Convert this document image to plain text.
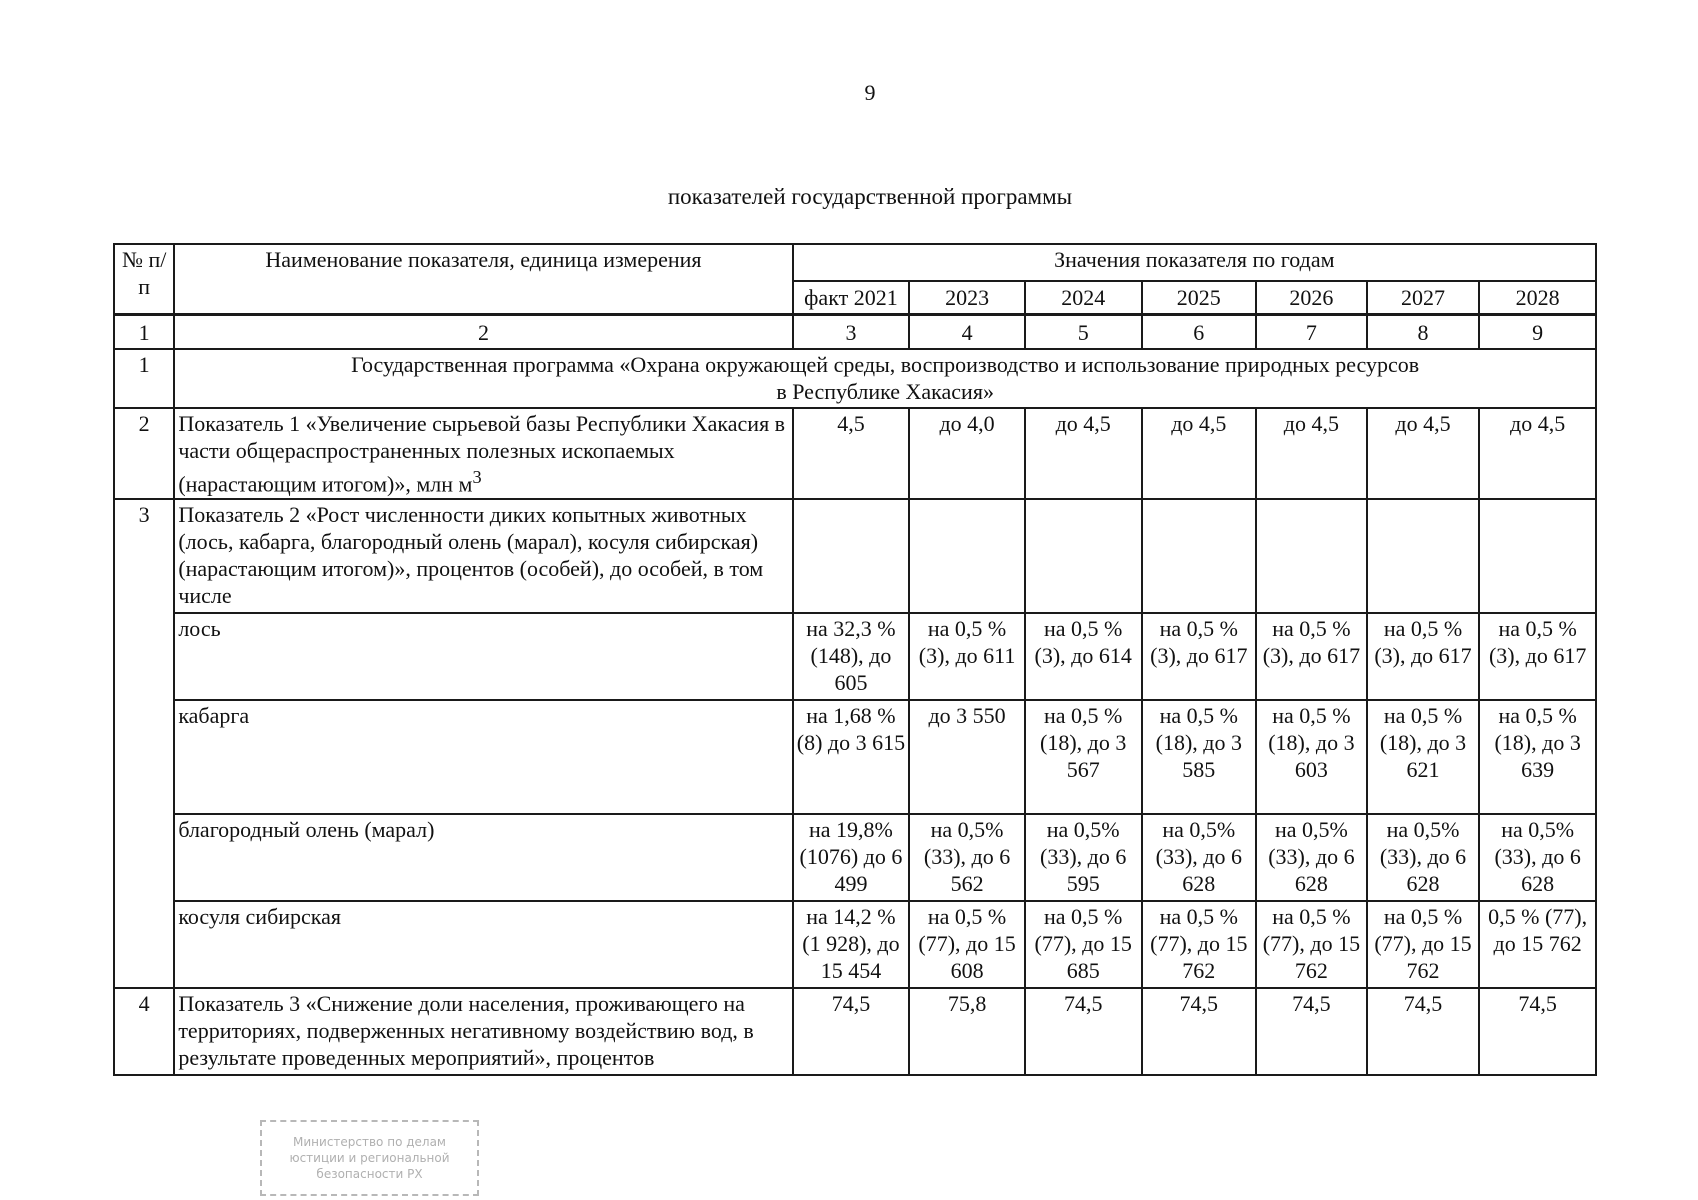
9
показателей государственной программы
№ п/п	Наименование показателя, единица измерения	Значения показателя по годам						
		факт 2021	2023	2024	2025	2026	2027	2028
1	2	3	4	5	6	7	8	9
1	Государственная программа «Охрана окружающей среды, воспроизводство и использование природных ресурсов
в Республике Хакасия»							

2	Показатель 1 «Увеличение сырьевой базы Республики Хакасия в части общераспространенных полезных ископаемых (нарастающим итогом)», млн $м^3$	4,5	до 4,0	до 4,5	до 4,5	до 4,5	до 4,5	до 4,5
3	Показатель 2 «Рост численности диких копытных животных (лось, кабарга, благородный олень (марал), косуля сибирская) (нарастающим итогом)», процентов (особей), до особей, в том числе							
	лось	на 32,3 % (148), до 605	на 0,5 % (3), до 611	на 0,5 % (3), до 614	на 0,5 % (3), до 617	на 0,5 % (3), до 617	на 0,5 % (3), до 617	на 0,5 % (3), до 617
	кабарга	на 1,68 % (8) до 3 615	до 3 550	на 0,5 % (18), до 3 567	на 0,5 % (18), до 3 585	на 0,5 % (18), до 3 603	на 0,5 % (18), до 3 621	на 0,5 % (18), до 3 639
	благородный олень (марал)	на 19,8% (1076) до 6 499	на 0,5% (33), до 6 562	на 0,5% (33), до 6 595	на 0,5% (33), до 6 628	на 0,5% (33), до 6 628	на 0,5% (33), до 6 628	на 0,5% (33), до 6 628
	косуля сибирская	на 14,2 % (1 928), до 15 454	на 0,5 % (77), до 15 608	на 0,5 % (77), до 15 685	на 0,5 % (77), до 15 762	на 0,5 % (77), до 15 762	на 0,5 % (77), до 15 762	0,5 % (77), до 15 762
4	Показатель 3 «Снижение доли населения, проживающего на территориях, подверженных негативному воздействию вод, в результате проведенных мероприятий», процентов	74,5	75,8	74,5	74,5	74,5	74,5	74,5
Министерство по делам
юстиции и региональной
безопасности РХ
